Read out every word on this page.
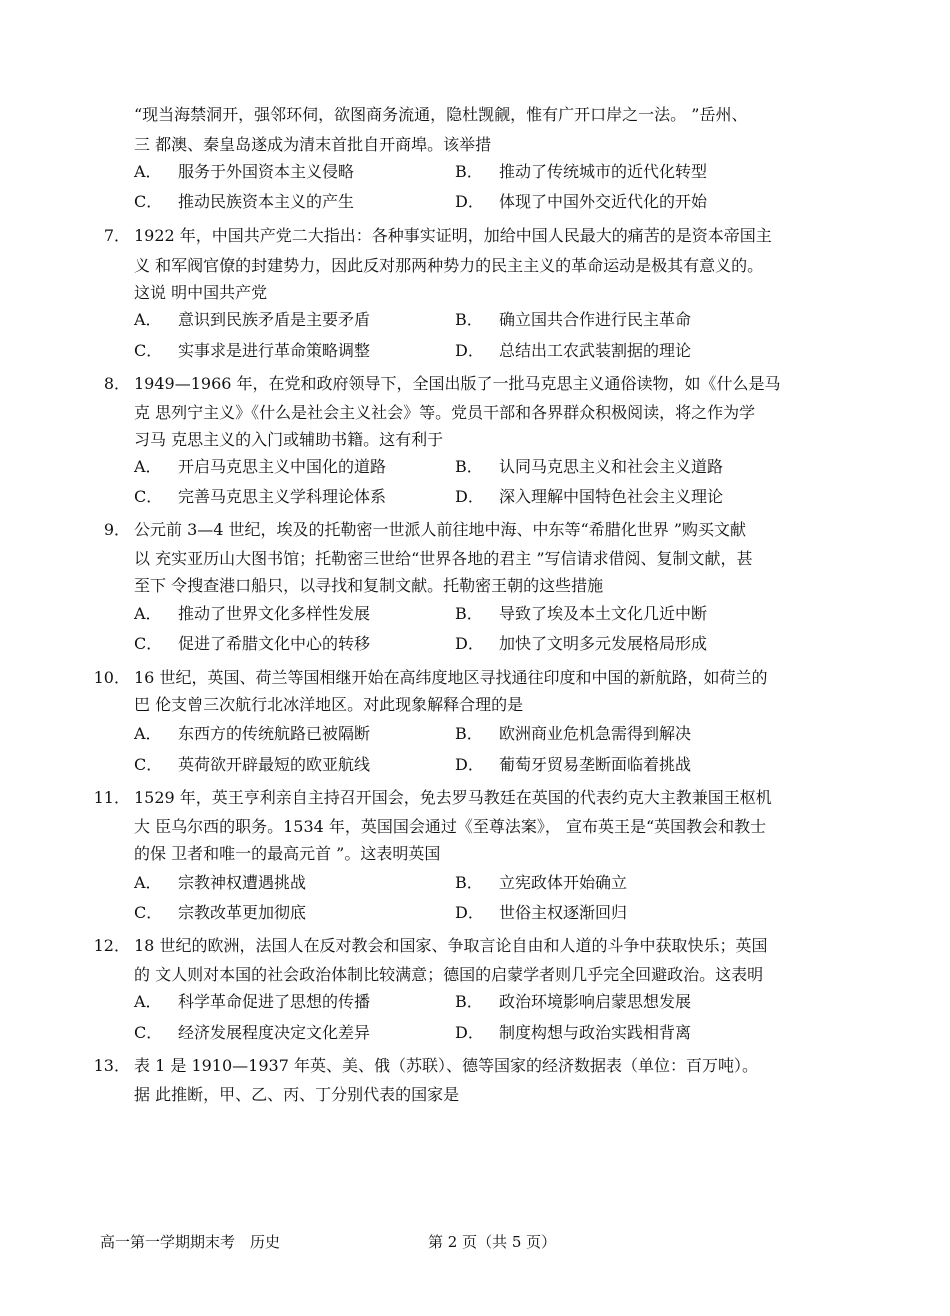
“现当海禁洞开，强邻环伺，欲图商务流通，隐杜觊觎，惟有广开口岸之一法。 ”岳州、
三 都澳、秦皇岛遂成为清末首批自开商埠。该举措
A． 服务于外国资本主义侵略	B． 推动了传统城市的近代化转型
C． 推动民族资本主义的产生	D． 体现了中国外交近代化的开始
7． 1922 年，中国共产党二大指出：各种事实证明，加给中国人民最大的痛苦的是资本帝国主
义 和军阀官僚的封建势力，因此反对那两种势力的民主主义的革命运动是极其有意义的。
这说 明中国共产党
A． 意识到民族矛盾是主要矛盾	B． 确立国共合作进行民主革命
C． 实事求是进行革命策略调整	D． 总结出工农武装割据的理论
8． 1949—1966 年，在党和政府领导下，全国出版了一批马克思主义通俗读物，如《什么是马
克 思列宁主义》《什么是社会主义社会》等。党员干部和各界群众积极阅读，将之作为学
习马 克思主义的入门或辅助书籍。这有利于
A． 开启马克思主义中国化的道路	B． 认同马克思主义和社会主义道路
C． 完善马克思主义学科理论体系	D． 深入理解中国特色社会主义理论
9． 公元前 3—4 世纪，埃及的托勒密一世派人前往地中海、中东等“希腊化世界 ”购买文献
以 充实亚历山大图书馆；托勒密三世给“世界各地的君主 ”写信请求借阅、复制文献，甚
至下 令搜查港口船只，以寻找和复制文献。托勒密王朝的这些措施
A． 推动了世界文化多样性发展	B． 导致了埃及本土文化几近中断
C． 促进了希腊文化中心的转移	D． 加快了文明多元发展格局形成
10． 16 世纪，英国、荷兰等国相继开始在高纬度地区寻找通往印度和中国的新航路，如荷兰的
巴 伦支曾三次航行北冰洋地区。对此现象解释合理的是
A． 东西方的传统航路已被隔断	B． 欧洲商业危机急需得到解决
C． 英荷欲开辟最短的欧亚航线	D． 葡萄牙贸易垄断面临着挑战
11． 1529 年，英王亨利亲自主持召开国会，免去罗马教廷在英国的代表约克大主教兼国王枢机
大 臣乌尔西的职务。1534 年，英国国会通过《至尊法案》， 宣布英王是“英国教会和教士
的保 卫者和唯一的最高元首 ”。这表明英国
A． 宗教神权遭遇挑战	B． 立宪政体开始确立
C． 宗教改革更加彻底	D． 世俗主权逐渐回归
12． 18 世纪的欧洲，法国人在反对教会和国家、争取言论自由和人道的斗争中获取快乐；英国
的 文人则对本国的社会政治体制比较满意；德国的启蒙学者则几乎完全回避政治。这表明
A． 科学革命促进了思想的传播	B． 政治环境影响启蒙思想发展
C． 经济发展程度决定文化差异	D． 制度构想与政治实践相背离
13． 表 1 是 1910—1937 年英、美、俄（苏联）、德等国家的经济数据表（单位：百万吨）。
据 此推断，甲、乙、丙、丁分别代表的国家是
高一第一学期期末考　历史	第 2 页（共 5 页）
